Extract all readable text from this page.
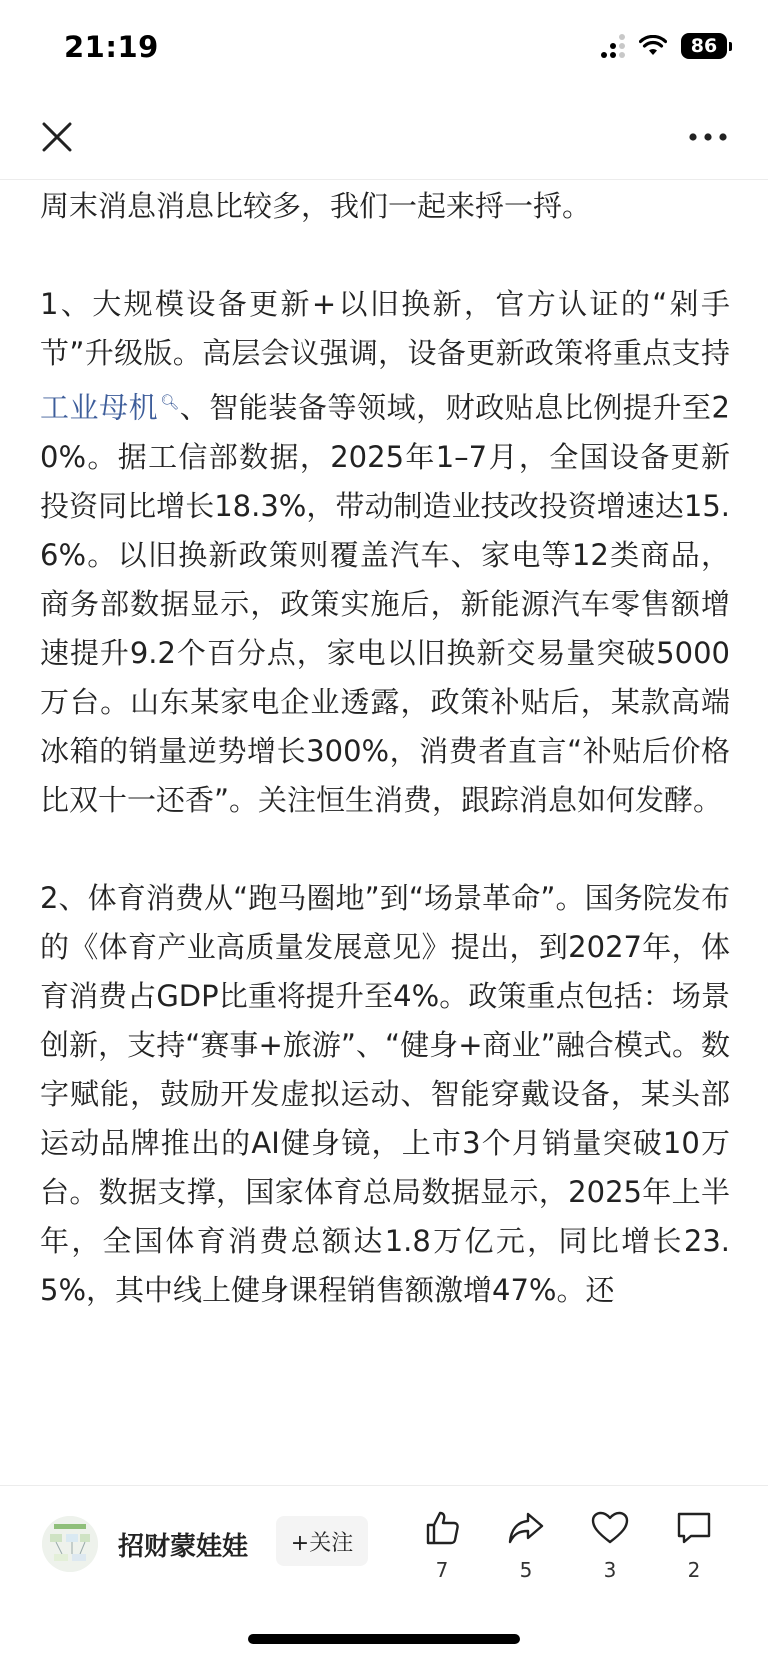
21:19	86

周末消息消息比较多，我们一起来捋一捋。

1、大规模设备更新+以旧换新，官方认证的“剁手节”升级版。高层会议强调，设备更新政策将重点支持工业母机 🔍︎、智能装备等领域，财政贴息比例提升至20%。据工信部数据，2025年1–7月，全国设备更新投资同比增长18.3%，带动制造业技改投资增速达15.6%。以旧换新政策则覆盖汽车、家电等12类商品，商务部数据显示，政策实施后，新能源汽车零售额增速提升9.2个百分点，家电以旧换新交易量突破5000万台。山东某家电企业透露，政策补贴后，某款高端冰箱的销量逆势增长300%，消费者直言“补贴后价格比双十一还香”。关注恒生消费，跟踪消息如何发酵。

2、体育消费从“跑马圈地”到“场景革命”。国务院发布的《体育产业高质量发展意见》提出，到2027年，体育消费占GDP比重将提升至4%。政策重点包括：场景创新，支持“赛事+旅游”、“健身+商业”融合模式。数字赋能，鼓励开发虚拟运动、智能穿戴设备，某头部运动品牌推出的AI健身镜，上市3个月销量突破10万台。数据支撑，国家体育总局数据显示，2025年上半年，全国体育消费总额达1.8万亿元，同比增长23.5%，其中线上健身课程销售额激增47%。还

招财蒙娃娃	+关注
7	5	3	2
